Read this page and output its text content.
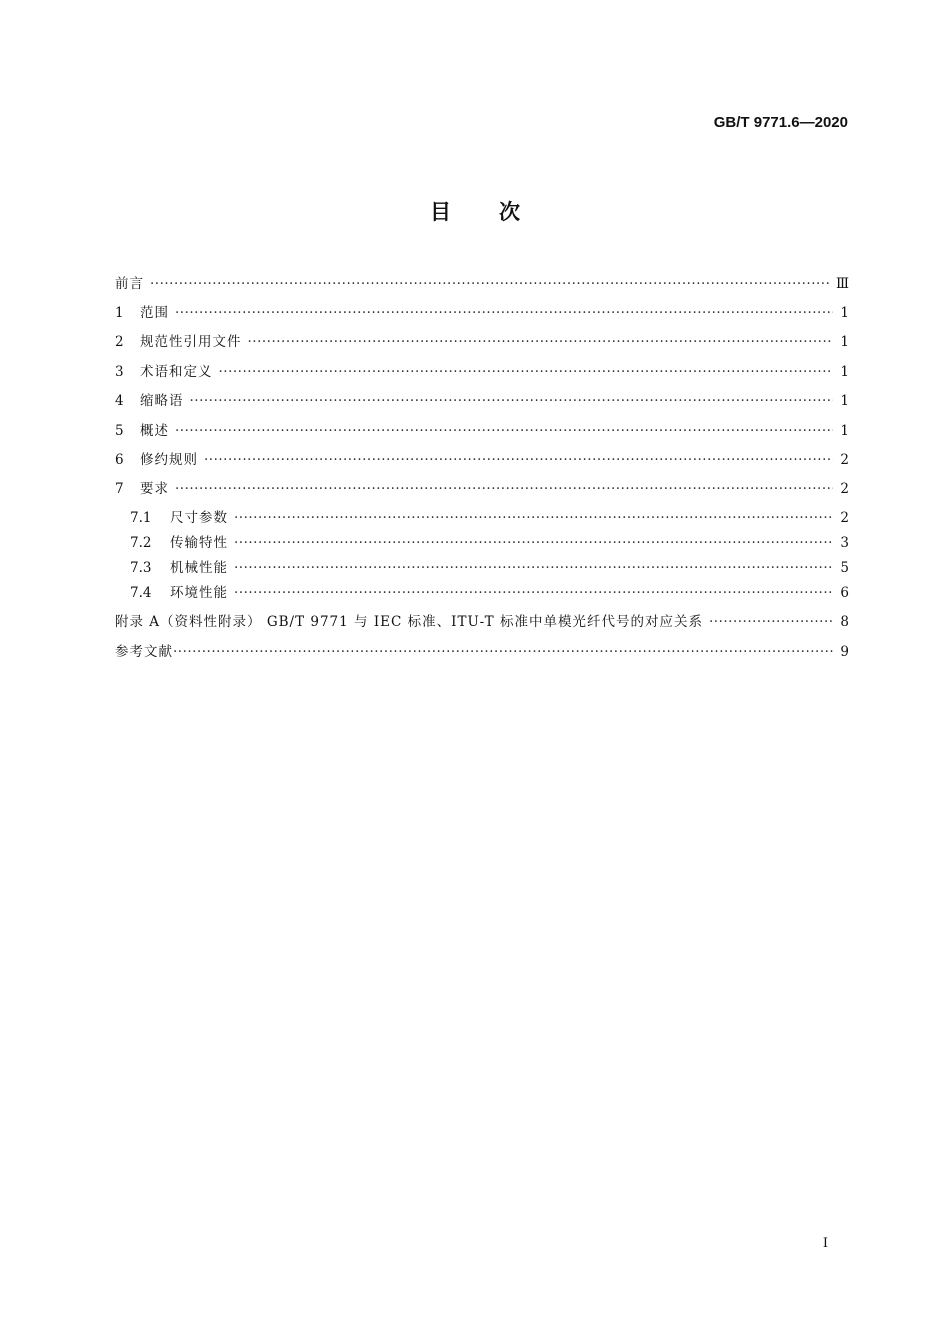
GB/T 9771.6—2020
目次
前言 ·····	Ⅲ
1	范围 ·····	1
2	规范性引用文件 ·····	1
3	术语和定义 ·····	1
4	缩略语 ·····	1
5	概述 ·····	1
6	修约规则 ·····	2
7	要求 ·····	2
7.1	尺寸参数 ·····	2
7.2	传输特性 ·····	3
7.3	机械性能 ·····	5
7.4	环境性能 ·····	6
附录 A（资料性附录） GB/T 9771 与 IEC 标准、ITU-T 标准中单模光纤代号的对应关系 ·····	8
参考文献 ·····	9
I
